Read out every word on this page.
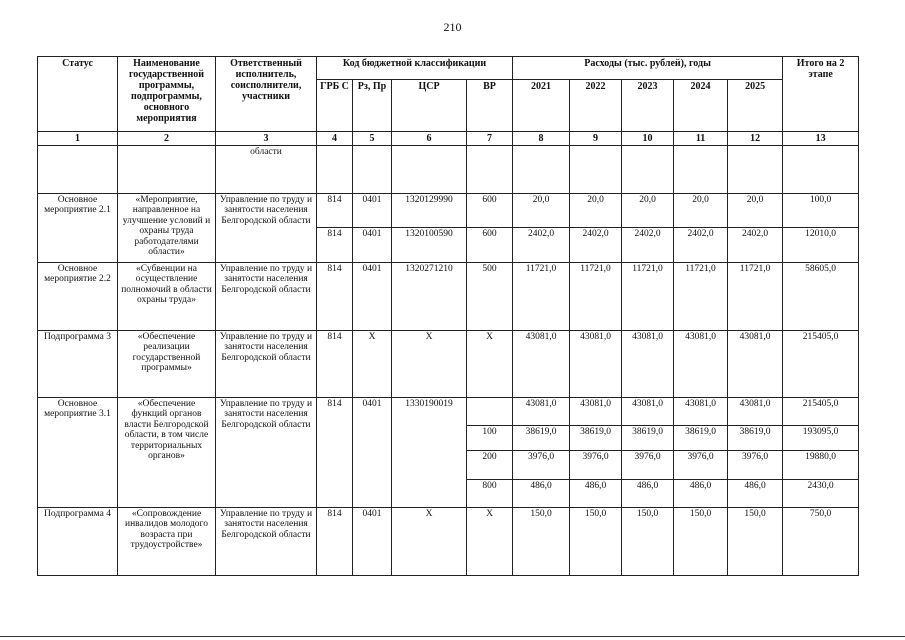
210
Статус	Наименование государственной программы, подпрограммы, основного мероприятия	Ответственный исполнитель, соисполнители, участники	Код бюджетной классификации				Расходы (тыс. рублей), годы					Итого на 2 этапе
			ГРБ С	Рз, Пр	ЦСР	ВР	2021	2022	2023	2024	2025	
1	2	3	4	5	6	7	8	9	10	11	12	13
		области										
Основное мероприятие 2.1	«Мероприятие, направленное на улучшение условий и охраны труда работодателями области»	Управление по труду и занятости населения Белгородской области	814	0401	1320129990	600	20,0	20,0	20,0	20,0	20,0	100,0
			814	0401	1320100590	600	2402,0	2402,0	2402,0	2402,0	2402,0	12010,0
Основное мероприятие 2.2	«Субвенции на осуществление полномочий в области охраны труда»	Управление по труду и занятости населения Белгородской области	814	0401	1320271210	500	11721,0	11721,0	11721,0	11721,0	11721,0	58605,0
Подпрограмма 3	«Обеспечение реализации государственной программы»	Управление по труду и занятости населения Белгородской области	814	X	X	X	43081,0	43081,0	43081,0	43081,0	43081,0	215405,0
Основное мероприятие 3.1	«Обеспечение функций органов власти Белгородской области, в том числе территориальных органов»	Управление по труду и занятости населения Белгородской области	814	0401	1330190019		43081,0	43081,0	43081,0	43081,0	43081,0	215405,0
						100	38619,0	38619,0	38619,0	38619,0	38619,0	193095,0
						200	3976,0	3976,0	3976,0	3976,0	3976,0	19880,0
						800	486,0	486,0	486,0	486,0	486,0	2430,0
Подпрограмма 4	«Сопровождение инвалидов молодого возраста при трудоустройстве»	Управление по труду и занятости населения Белгородской области	814	0401	X	X	150,0	150,0	150,0	150,0	150,0	750,0
